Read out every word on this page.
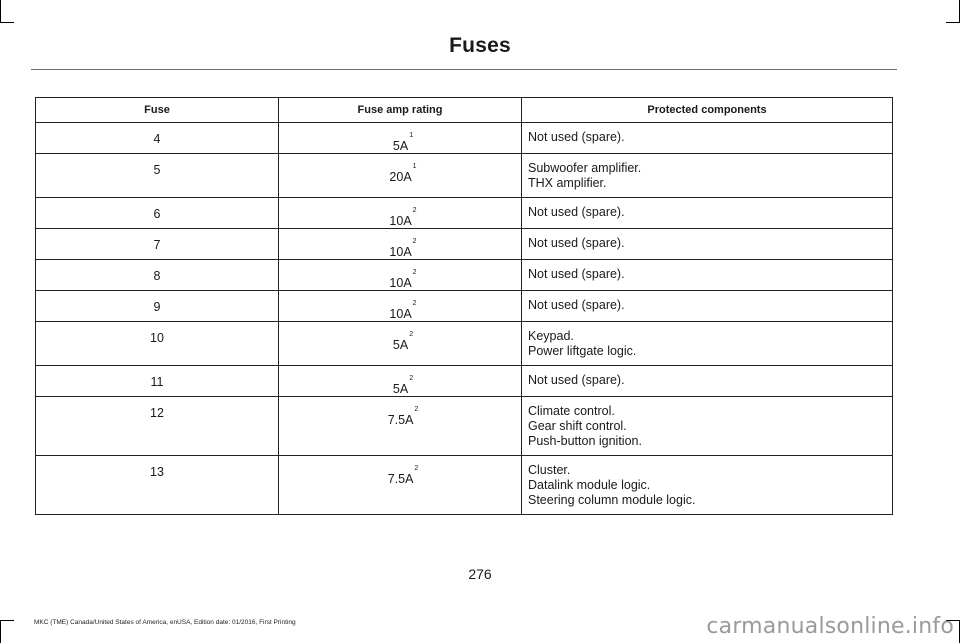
Fuses
Fuse	Fuse amp rating	Protected components

4	$5A^1$	Not used (spare).

5	$20A^1$	Subwoofer amplifier.
THX amplifier.

6	$10A^2$	Not used (spare).

7	$10A^2$	Not used (spare).

8	$10A^2$	Not used (spare).

9	$10A^2$	Not used (spare).

10	$5A^2$	Keypad.
Power liftgate logic.

11	$5A^2$	Not used (spare).

12	$7.5A^2$	Climate control.
Gear shift control.
Push-button ignition.

13	$7.5A^2$	Cluster.
Datalink module logic.
Steering column module logic.
276
MKC (TME) Canada/United States of America, enUSA, Edition date: 01/2016, First Printing	carmanualsonline.info
